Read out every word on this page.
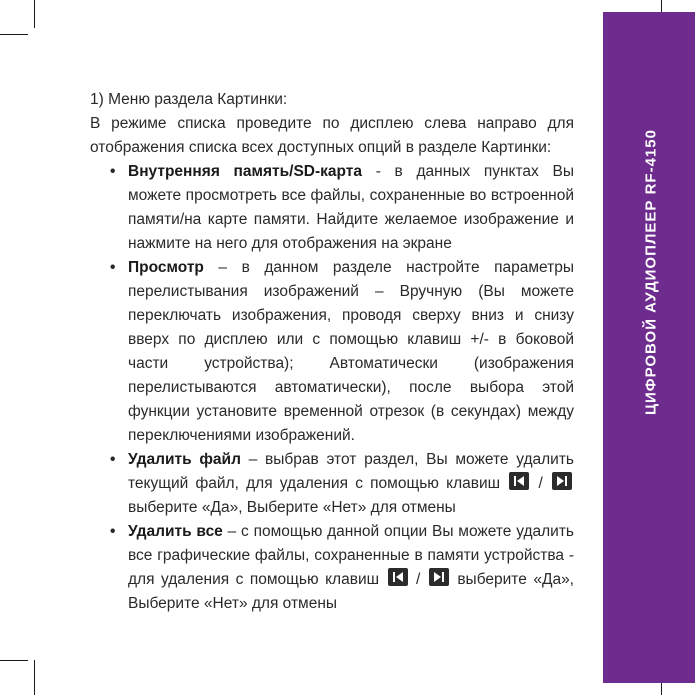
ЦИФРОВОЙ АУДИОПЛЕЕР RF-4150

1) Меню раздела Картинки:

В режиме списка проведите по дисплею слева направо для отображения списка всех доступных опций в разделе Картинки:

• Внутренняя память/SD-карта - в данных пунктах Вы можете просмотреть все файлы, сохраненные во встроенной памяти/на карте памяти. Найдите желаемое изображение и нажмите на него для отображения на экране
• Просмотр – в данном разделе настройте параметры перелистывания изображений – Вручную (Вы можете переключать изображения, проводя сверху вниз и снизу вверх по дисплею или с помощью клавиш +/- в боковой части устройства); Автоматически (изображения перелистываются автоматически), после выбора этой функции установите временной отрезок (в секундах) между переключениями изображений.
• Удалить файл – выбрав этот раздел, Вы можете удалить текущий файл, для удаления с помощью клавиш
/
выберите «Да», Выберите «Нет» для отмены
• Удалить все – с помощью данной опции Вы можете удалить все графические файлы, сохраненные в памяти устройства - для удаления с помощью клавиш
/
выберите «Да», Выберите «Нет» для отмены
